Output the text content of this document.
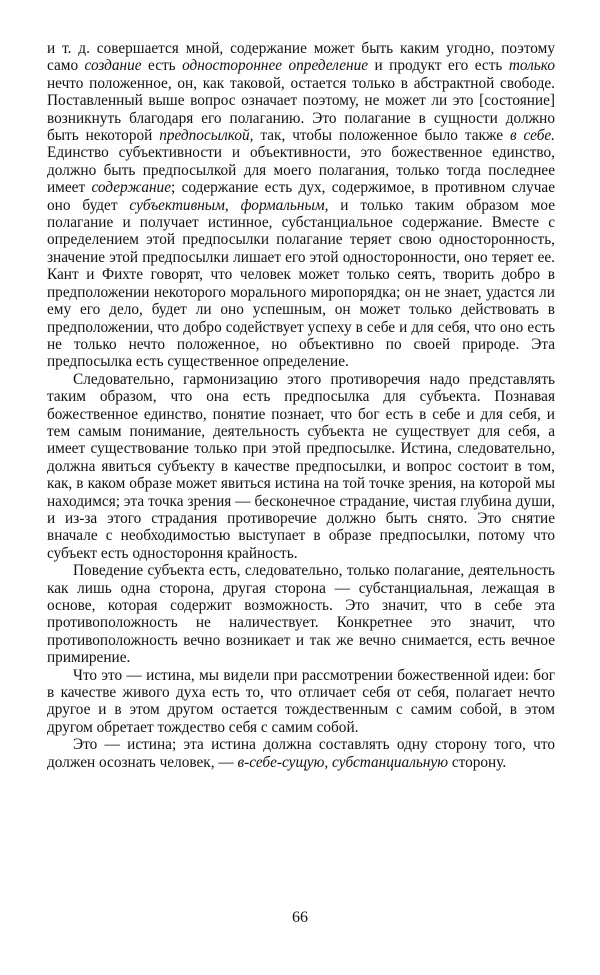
и т. д. совершается мной, содержание может быть каким угодно, поэтому само создание есть одностороннее определение и продукт его есть только нечто положенное, он, как таковой, остается только в абстрактной свободе. Поставленный выше вопрос означает поэтому, не может ли это [состояние] возникнуть благодаря его полаганию. Это полагание в сущности должно быть некоторой предпосылкой, так, чтобы положенное было также в себе. Единство субъективности и объективности, это божественное единство, должно быть предпосылкой для моего полагания, только тогда последнее имеет содержание; содержание есть дух, содержимое, в противном случае оно будет субъективным, формальным, и только таким образом мое полагание и получает истинное, субстанциальное содержание. Вместе с определением этой предпосылки полагание теряет свою односторонность, значение этой предпосылки лишает его этой односторонности, оно теряет ее. Кант и Фихте говорят, что человек может только сеять, творить добро в предположении некоторого морального миропорядка; он не знает, удастся ли ему его дело, будет ли оно успешным, он может только действовать в предположении, что добро содействует успеху в себе и для себя, что оно есть не только нечто положенное, но объективно по своей природе. Эта предпосылка есть существенное определение.

Следовательно, гармонизацию этого противоречия надо представлять таким образом, что она есть предпосылка для субъекта. Познавая божественное единство, понятие познает, что бог есть в себе и для себя, и тем самым понимание, деятельность субъекта не существует для себя, а имеет существование только при этой предпосылке. Истина, следовательно, должна явиться субъекту в качестве предпосылки, и вопрос состоит в том, как, в каком образе может явиться истина на той точке зрения, на которой мы находимся; эта точка зрения — бесконечное страдание, чистая глубина души, и из-за этого страдания противоречие должно быть снято. Это снятие вначале с необходимостью выступает в образе предпосылки, потому что субъект есть одностороння крайность.

Поведение субъекта есть, следовательно, только полагание, деятельность как лишь одна сторона, другая сторона — субстанциальная, лежащая в основе, которая содержит возможность. Это значит, что в себе эта противоположность не наличествует. Конкретнее это значит, что противоположность вечно возникает и так же вечно снимается, есть вечное примирение.

Что это — истина, мы видели при рассмотрении божественной идеи: бог в качестве живого духа есть то, что отличает себя от себя, полагает нечто другое и в этом другом остается тождественным с самим собой, в этом другом обретает тождество себя с самим собой.

Это — истина; эта истина должна составлять одну сторону того, что должен осознать человек, — в-себе-сущую, субстанциальную сторону.

66
